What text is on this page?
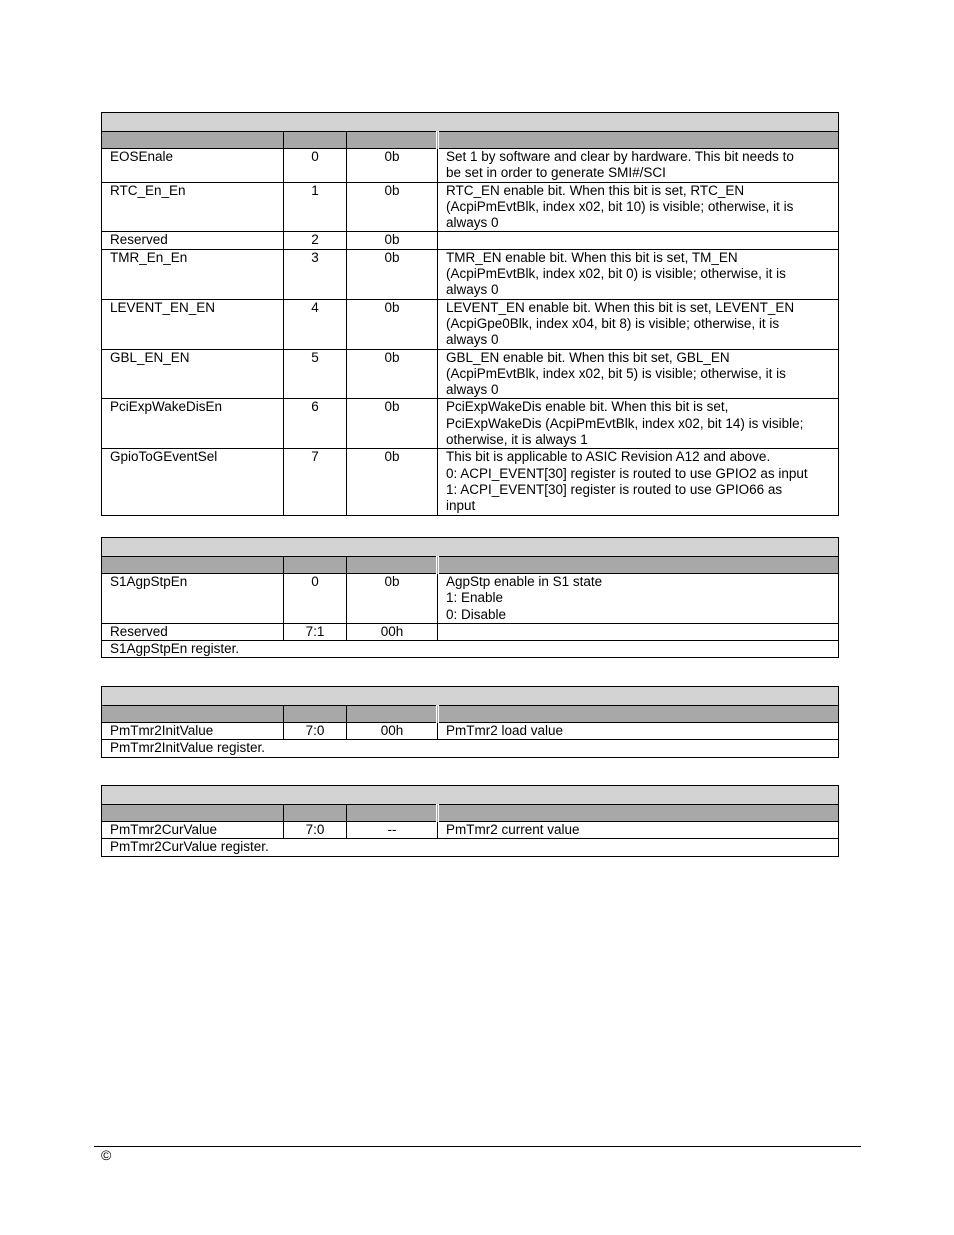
EOSEnale	0	0b	Set 1 by software and clear by hardware. This bit needs to
be set in order to generate SMI#/SCI

RTC_En_En	1	0b	RTC_EN enable bit. When this bit is set, RTC_EN
(AcpiPmEvtBlk, index x02, bit 10) is visible; otherwise, it is
always 0

Reserved	2	0b	

TMR_En_En	3	0b	TMR_EN enable bit. When this bit is set, TM_EN
(AcpiPmEvtBlk, index x02, bit 0) is visible; otherwise, it is
always 0

LEVENT_EN_EN	4	0b	LEVENT_EN enable bit. When this bit is set, LEVENT_EN
(AcpiGpe0Blk, index x04, bit 8) is visible; otherwise, it is
always 0

GBL_EN_EN	5	0b	GBL_EN enable bit. When this bit set, GBL_EN
(AcpiPmEvtBlk, index x02, bit 5) is visible; otherwise, it is
always 0

PciExpWakeDisEn	6	0b	PciExpWakeDis enable bit. When this bit is set,
PciExpWakeDis (AcpiPmEvtBlk, index x02, bit 14) is visible;
otherwise, it is always 1

GpioToGEventSel	7	0b	This bit is applicable to ASIC Revision A12 and above.
0: ACPI_EVENT[30] register is routed to use GPIO2 as input
1: ACPI_EVENT[30] register is routed to use GPIO66 as
input

S1AgpStpEn	0	0b	AgpStp enable in S1 state
1: Enable
0: Disable

Reserved	7:1	00h	

S1AgpStpEn register.			

PmTmr2InitValue	7:0	00h	PmTmr2 load value

PmTmr2InitValue register.			

PmTmr2CurValue	7:0	--	PmTmr2 current value

PmTmr2CurValue register.			
©
